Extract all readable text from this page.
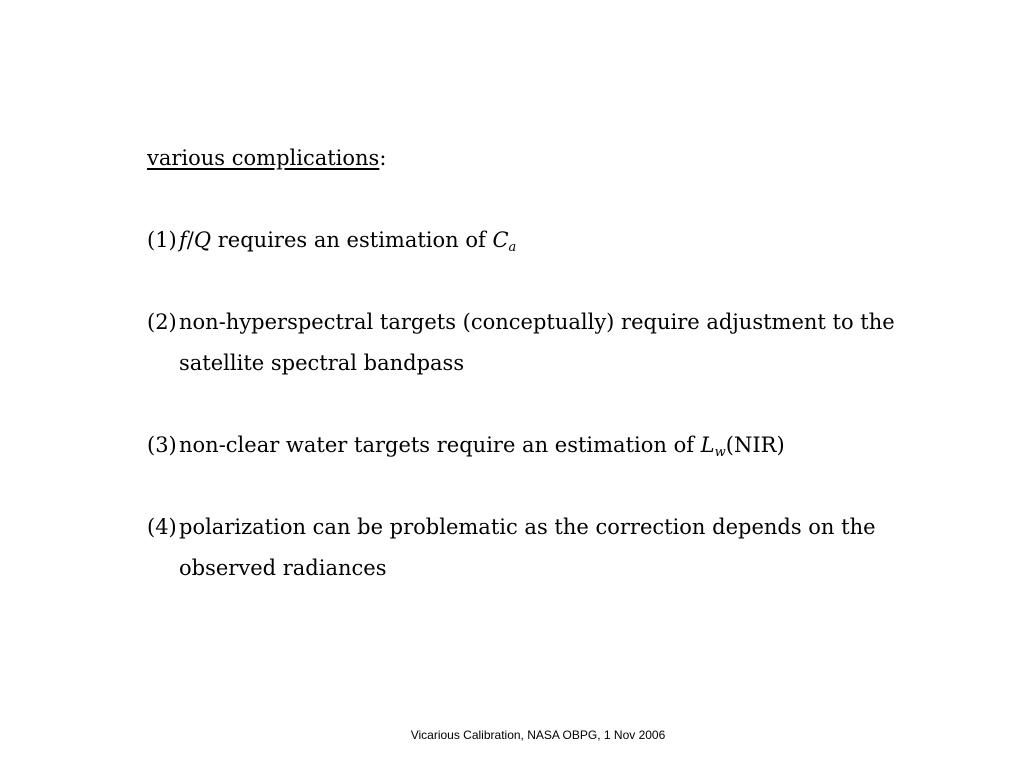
various complications:
(1) f/Q requires an estimation of $C_a$
(2) non-hyperspectral targets (conceptually) require adjustment to the satellite spectral bandpass
(3) non-clear water targets require an estimation of $L_w(NIR)$
(4) polarization can be problematic as the correction depends on the observed radiances
Vicarious Calibration, NASA OBPG, 1 Nov 2006
